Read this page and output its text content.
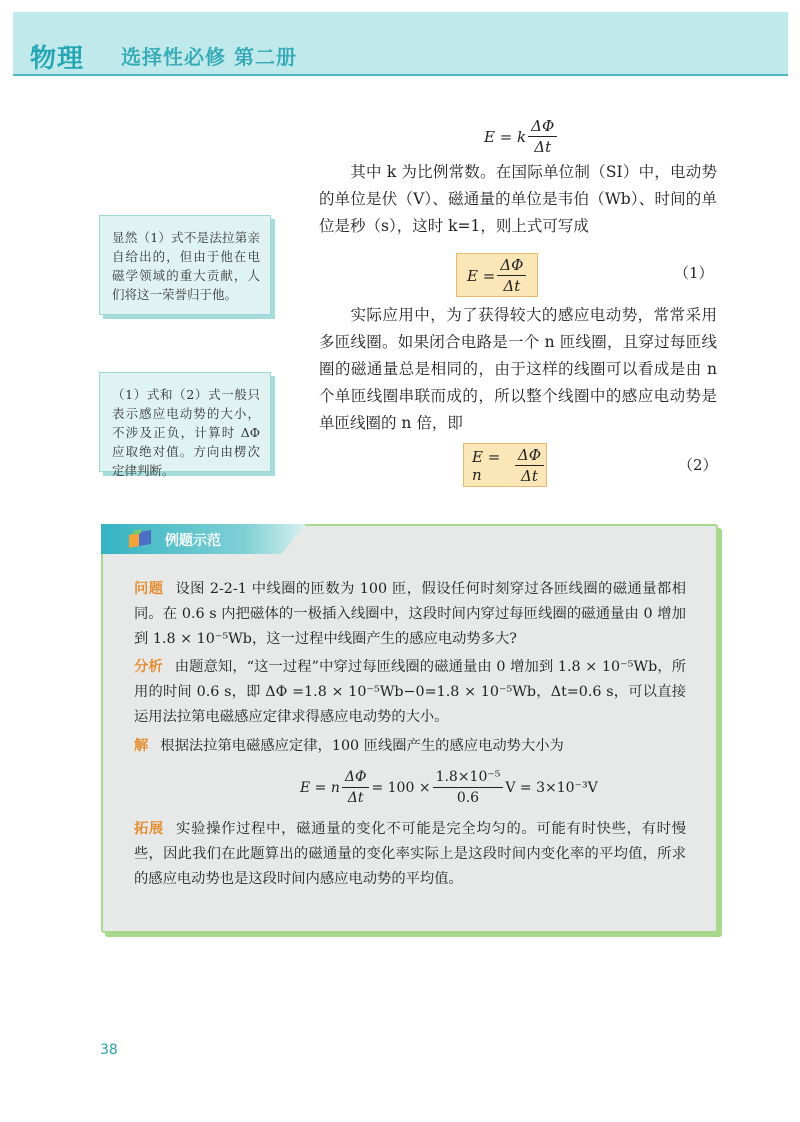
物理 选择性必修 第二册
E = k $\frac{\Delta\Phi}{\Delta t}$

其中 k 为比例常数。在国际单位制（SI）中，电动势的单位是伏（V）、磁通量的单位是韦伯（Wb）、时间的单位是秒（s），这时 k=1，则上式可写成

$E = \frac{\Delta\Phi}{\Delta t}$	（1）

实际应用中，为了获得较大的感应电动势，常常采用多匝线圈。如果闭合电路是一个 n 匝线圈，且穿过每匝线圈的磁通量总是相同的，由于这样的线圈可以看成是由 n 个单匝线圈串联而成的，所以整个线圈中的感应电动势是单匝线圈的 n 倍，即

E = n	$\frac{\Delta\Phi}{\Delta t}$	（2）

显然（1）式不是法拉第亲自给出的，但由于他在电磁学领域的重大贡献，人们将这一荣誉归于他。

（1）式和（2）式一般只表示感应电动势的大小，不涉及正负，计算时 ΔΦ 应取绝对值。方向由楞次定律判断。

例题示范

问题 设图 2-2-1 中线圈的匝数为 100 匝，假设任何时刻穿过各匝线圈的磁通量都相同。在 0.6 s 内把磁体的一极插入线圈中，这段时间内穿过每匝线圈的磁通量由 0 增加到 1.8 × 10⁻⁵Wb，这一过程中线圈产生的感应电动势多大?

分析 由题意知，“这一过程”中穿过每匝线圈的磁通量由 0 增加到 1.8 × 10⁻⁵Wb，所用的时间 0.6 s，即 ΔΦ =1.8 × 10⁻⁵Wb−0=1.8 × 10⁻⁵Wb，Δt=0.6 s，可以直接运用法拉第电磁感应定律求得感应电动势的大小。

解 根据法拉第电磁感应定律，100 匝线圈产生的感应电动势大小为

E = n $\frac{\Delta\Phi}{\Delta t} = 100 \times \frac{\text{1.8×10⁻⁵}}{0.6}$ V = 3×10⁻³V

拓展 实验操作过程中，磁通量的变化不可能是完全均匀的。可能有时快些，有时慢些，因此我们在此题算出的磁通量的变化率实际上是这段时间内变化率的平均值，所求的感应电动势也是这段时间内感应电动势的平均值。

38
